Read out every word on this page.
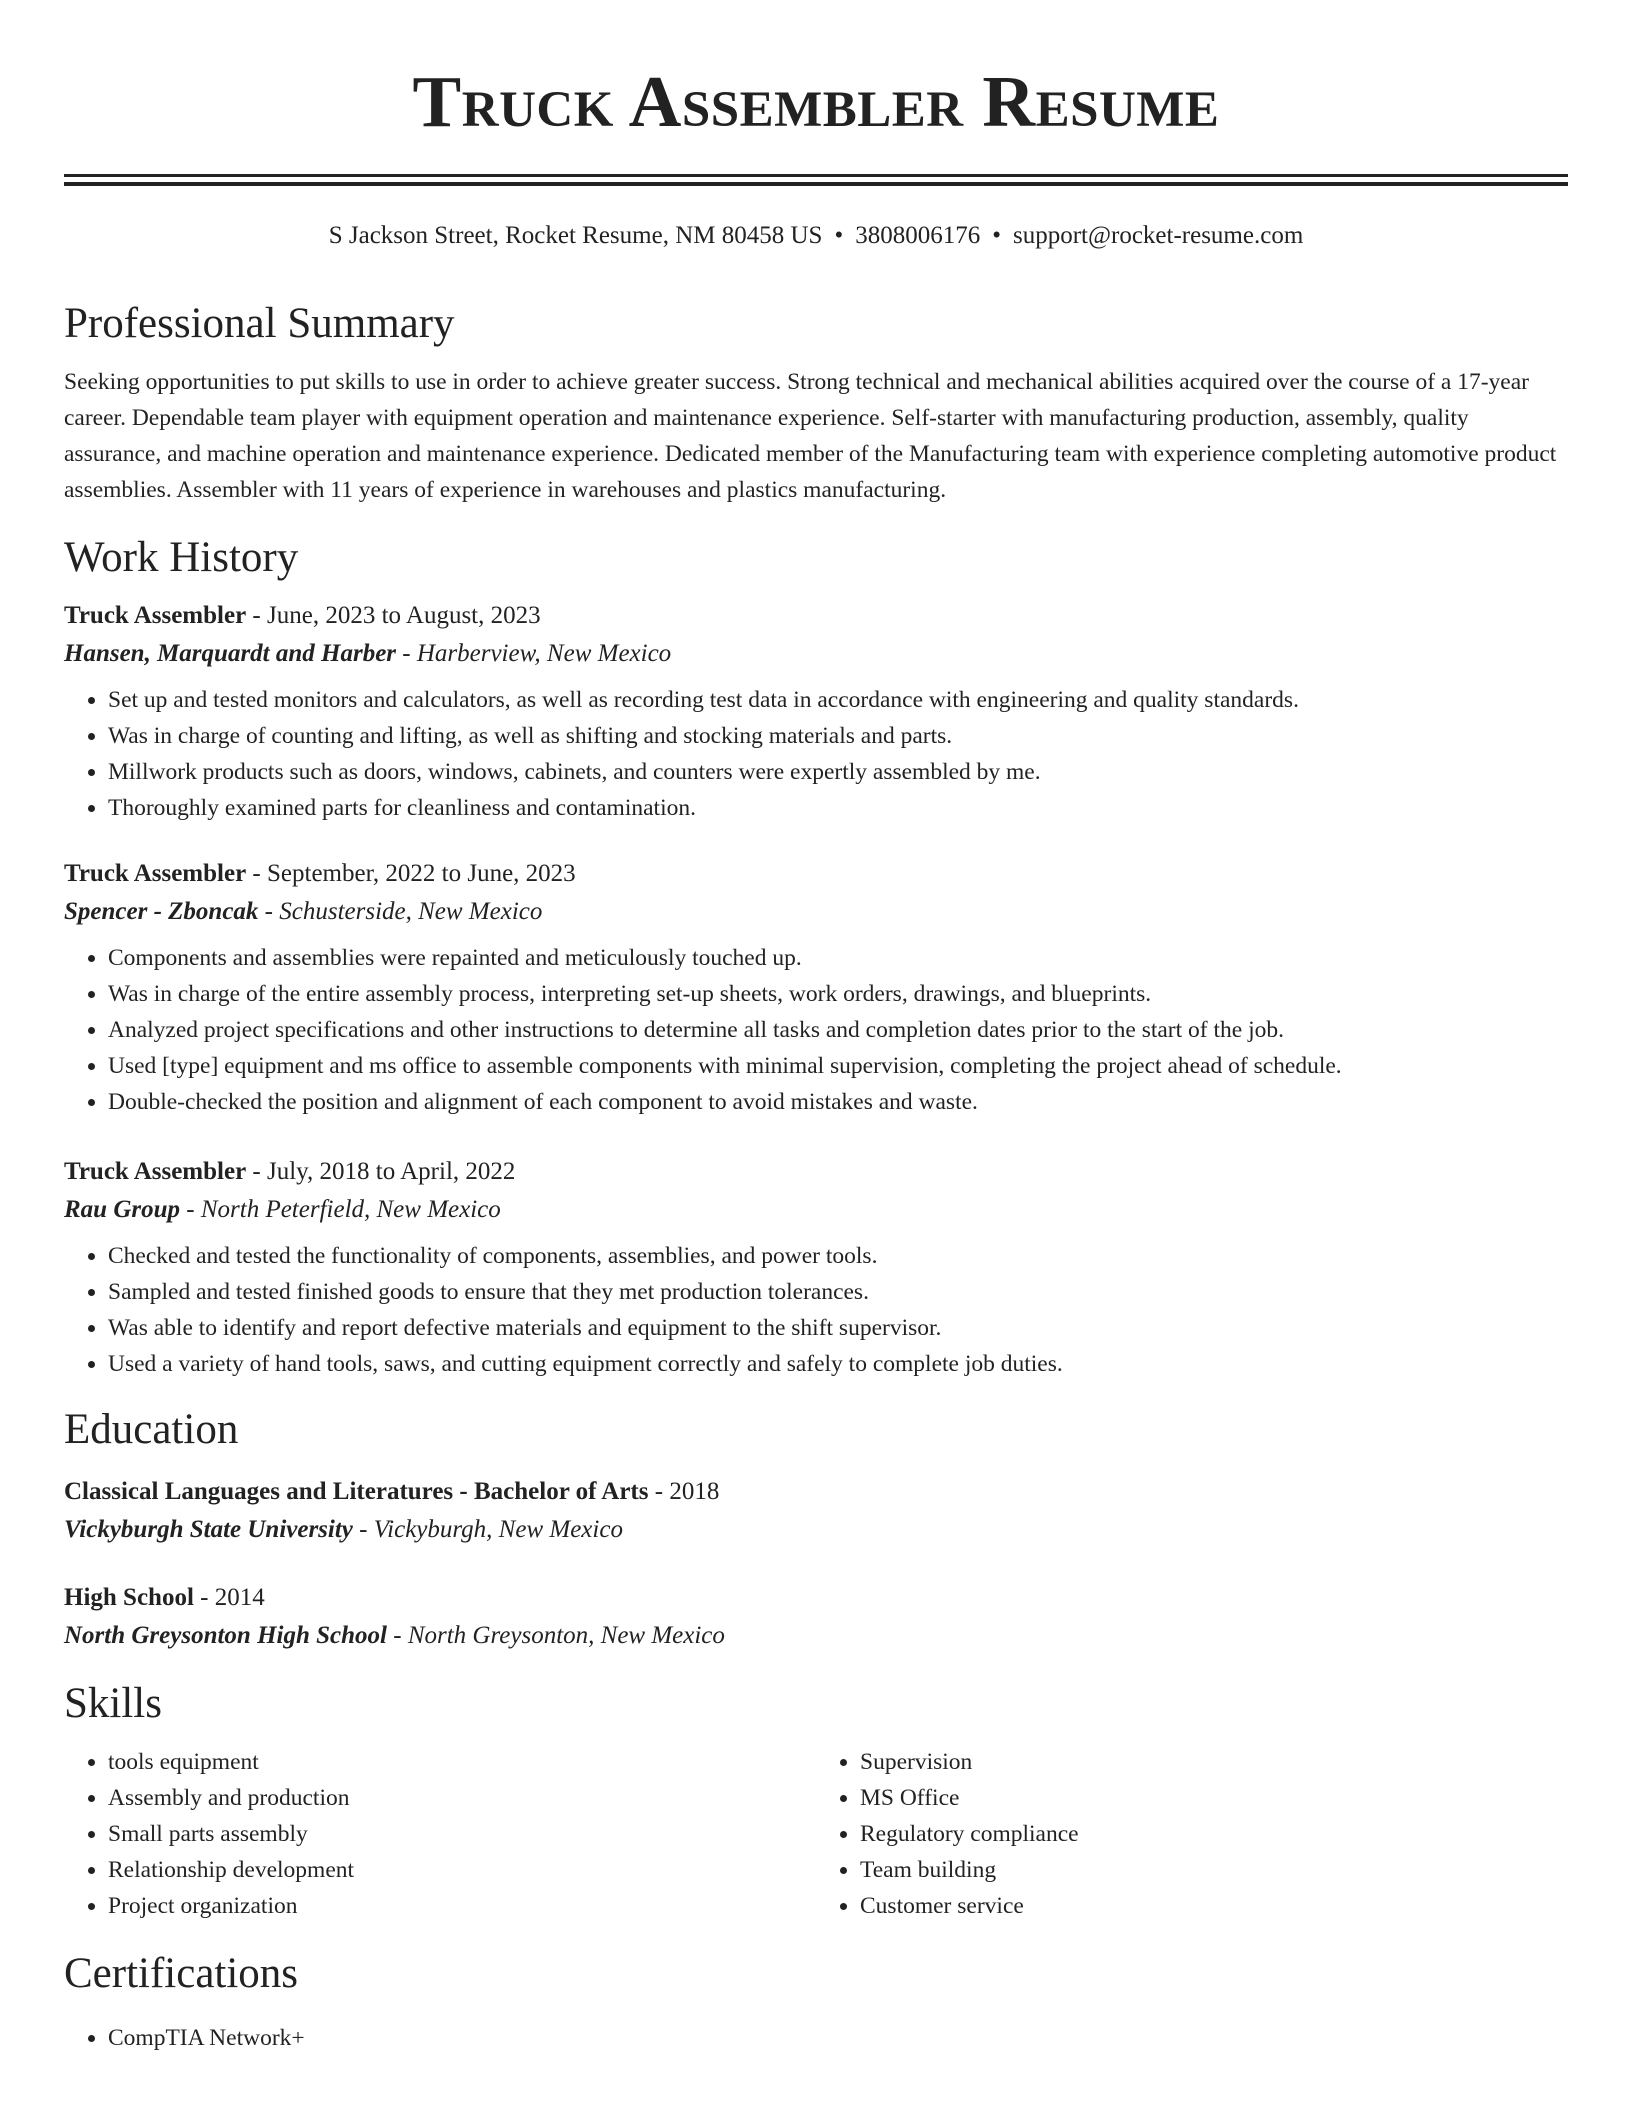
Truck Assembler Resume
S Jackson Street, Rocket Resume, NM 80458 US • 3808006176 • support@rocket-resume.com
Professional Summary

Seeking opportunities to put skills to use in order to achieve greater success. Strong technical and mechanical abilities acquired over the course of a 17-year career. Dependable team player with equipment operation and maintenance experience. Self-starter with manufacturing production, assembly, quality assurance, and machine operation and maintenance experience. Dedicated member of the Manufacturing team with experience completing automotive product assemblies. Assembler with 11 years of experience in warehouses and plastics manufacturing.

Work History

Truck Assembler - June, 2023 to August, 2023

Hansen, Marquardt and Harber - Harberview, New Mexico

• Set up and tested monitors and calculators, as well as recording test data in accordance with engineering and quality standards.
• Was in charge of counting and lifting, as well as shifting and stocking materials and parts.
• Millwork products such as doors, windows, cabinets, and counters were expertly assembled by me.
• Thoroughly examined parts for cleanliness and contamination.

Truck Assembler - September, 2022 to June, 2023

Spencer - Zboncak - Schusterside, New Mexico

• Components and assemblies were repainted and meticulously touched up.
• Was in charge of the entire assembly process, interpreting set-up sheets, work orders, drawings, and blueprints.
• Analyzed project specifications and other instructions to determine all tasks and completion dates prior to the start of the job.
• Used [type] equipment and ms office to assemble components with minimal supervision, completing the project ahead of schedule.
• Double-checked the position and alignment of each component to avoid mistakes and waste.

Truck Assembler - July, 2018 to April, 2022

Rau Group - North Peterfield, New Mexico

• Checked and tested the functionality of components, assemblies, and power tools.
• Sampled and tested finished goods to ensure that they met production tolerances.
• Was able to identify and report defective materials and equipment to the shift supervisor.
• Used a variety of hand tools, saws, and cutting equipment correctly and safely to complete job duties.
Education

Classical Languages and Literatures - Bachelor of Arts - 2018

Vickyburgh State University - Vickyburgh, New Mexico

High School - 2014

North Greysonton High School - North Greysonton, New Mexico

Skills
• tools equipment
• Assembly and production
• Small parts assembly
• Relationship development
• Project organization
• Supervision
• MS Office
• Regulatory compliance
• Team building
• Customer service
Certifications
• CompTIA Network+
